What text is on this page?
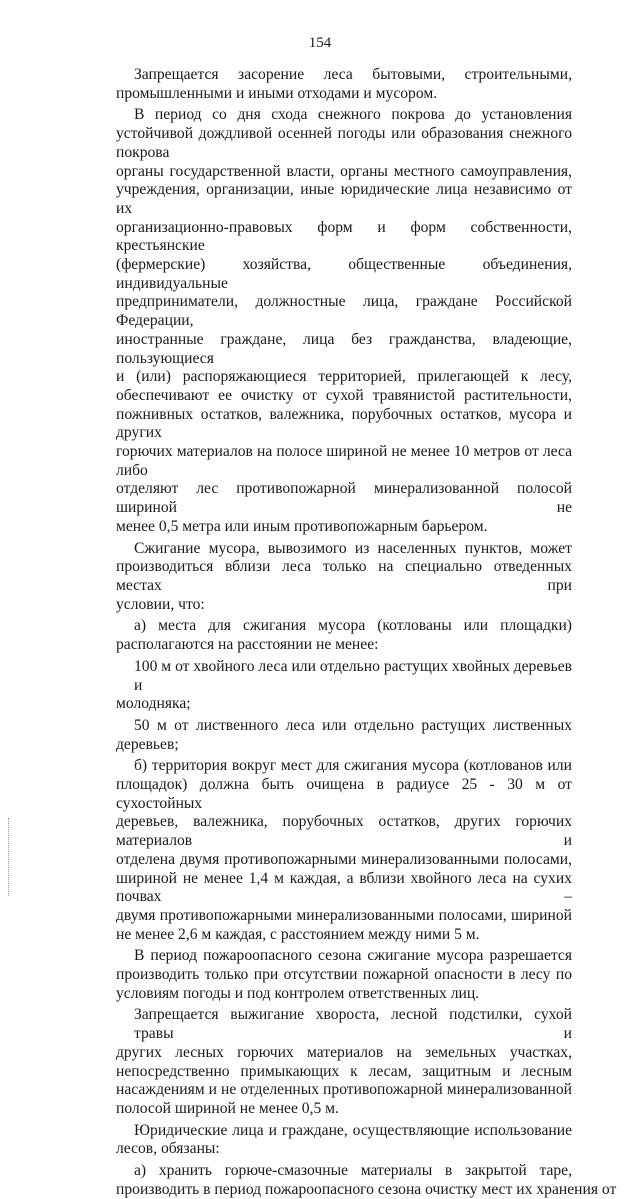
154
Запрещается засорение леса бытовыми, строительными,
промышленными и иными отходами и мусором.
В период со дня схода снежного покрова до установления
устойчивой дождливой осенней погоды или образования снежного покрова
органы государственной власти, органы местного самоуправления,
учреждения, организации, иные юридические лица независимо от их
организационно-правовых форм и форм собственности, крестьянские
(фермерские) хозяйства, общественные объединения, индивидуальные
предприниматели, должностные лица, граждане Российской Федерации,
иностранные граждане, лица без гражданства, владеющие, пользующиеся
и (или) распоряжающиеся территорией, прилегающей к лесу,
обеспечивают ее очистку от сухой травянистой растительности,
пожнивных остатков, валежника, порубочных остатков, мусора и других
горючих материалов на полосе шириной не менее 10 метров от леса либо
отделяют лес противопожарной минерализованной полосой шириной не
менее 0,5 метра или иным противопожарным барьером.
Сжигание мусора, вывозимого из населенных пунктов, может
производиться вблизи леса только на специально отведенных местах при
условии, что:
а) места для сжигания мусора (котлованы или площадки)
располагаются на расстоянии не менее:
100 м от хвойного леса или отдельно растущих хвойных деревьев и
молодняка;
50 м от лиственного леса или отдельно растущих лиственных
деревьев;
б) территория вокруг мест для сжигания мусора (котлованов или
площадок) должна быть очищена в радиусе 25 - 30 м от сухостойных
деревьев, валежника, порубочных остатков, других горючих материалов и
отделена двумя противопожарными минерализованными полосами,
шириной не менее 1,4 м каждая, а вблизи хвойного леса на сухих почвах –
двумя противопожарными минерализованными полосами, шириной
не менее 2,6 м каждая, с расстоянием между ними 5 м.
В период пожароопасного сезона сжигание мусора разрешается
производить только при отсутствии пожарной опасности в лесу по
условиям погоды и под контролем ответственных лиц.
Запрещается выжигание хвороста, лесной подстилки, сухой травы и
других лесных горючих материалов на земельных участках,
непосредственно примыкающих к лесам, защитным и лесным
насаждениям и не отделенных противопожарной минерализованной
полосой шириной не менее 0,5 м.
Юридические лица и граждане, осуществляющие использование
лесов, обязаны:
а) хранить горюче-смазочные материалы в закрытой таре,
производить в период пожароопасного сезона очистку мест их хранения от
